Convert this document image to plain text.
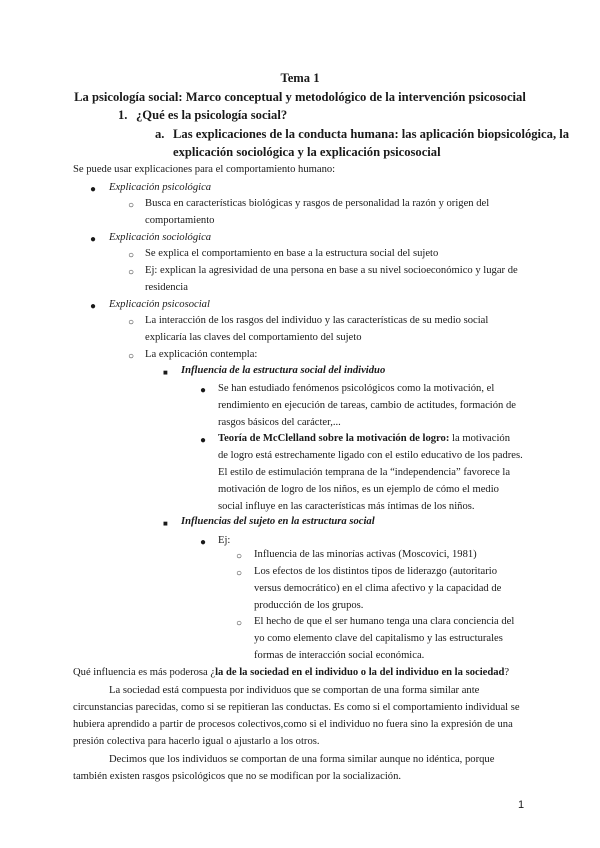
Tema 1
La psicología social: Marco conceptual y metodológico de la intervención psicosocial
1. ¿Qué es la psicología social?
a. Las explicaciones de la conducta humana: las aplicación biopsicológica, la
explicación sociológica y la explicación psicosocial
Se puede usar explicaciones para el comportamiento humano:
● Explicación psicológica
○ Busca en características biológicas y rasgos de personalidad la razón y origen del
comportamiento
● Explicación sociológica
○ Se explica el comportamiento en base a la estructura social del sujeto
○ Ej: explican la agresividad de una persona en base a su nivel socioeconómico y lugar de
residencia
● Explicación psicosocial
○ La interacción de los rasgos del individuo y las características de su medio social
explicaría las claves del comportamiento del sujeto
○ La explicación contempla:
■ Influencia de la estructura social del individuo
● Se han estudiado fenómenos psicológicos como la motivación, el
rendimiento en ejecución de tareas, cambio de actitudes, formación de
rasgos básicos del carácter,...
● Teoría de McClelland sobre la motivación de logro: la motivación
de logro está estrechamente ligado con el estilo educativo de los padres.
El estilo de estimulación temprana de la “independencia” favorece la
motivación de logro de los niños, es un ejemplo de cómo el medio
social influye en las características más íntimas de los niños.
■ Influencias del sujeto en la estructura social
● Ej:
○ Influencia de las minorías activas (Moscovici, 1981)
○ Los efectos de los distintos tipos de liderazgo (autoritario
versus democrático) en el clima afectivo y la capacidad de
producción de los grupos.
○ El hecho de que el ser humano tenga una clara conciencia del
yo como elemento clave del capitalismo y las estructurales
formas de interacción social económica.
Qué influencia es más poderosa ¿la de la sociedad en el individuo o la del individuo en la sociedad?
La sociedad está compuesta por individuos que se comportan de una forma similar ante
circunstancias parecidas, como si se repitieran las conductas. Es como si el comportamiento individual se
hubiera aprendido a partir de procesos colectivos,como si el individuo no fuera sino la expresión de una
presión colectiva para hacerlo igual o ajustarlo a los otros.
Decimos que los individuos se comportan de una forma similar aunque no idéntica, porque
también existen rasgos psicológicos que no se modifican por la socialización.
1
